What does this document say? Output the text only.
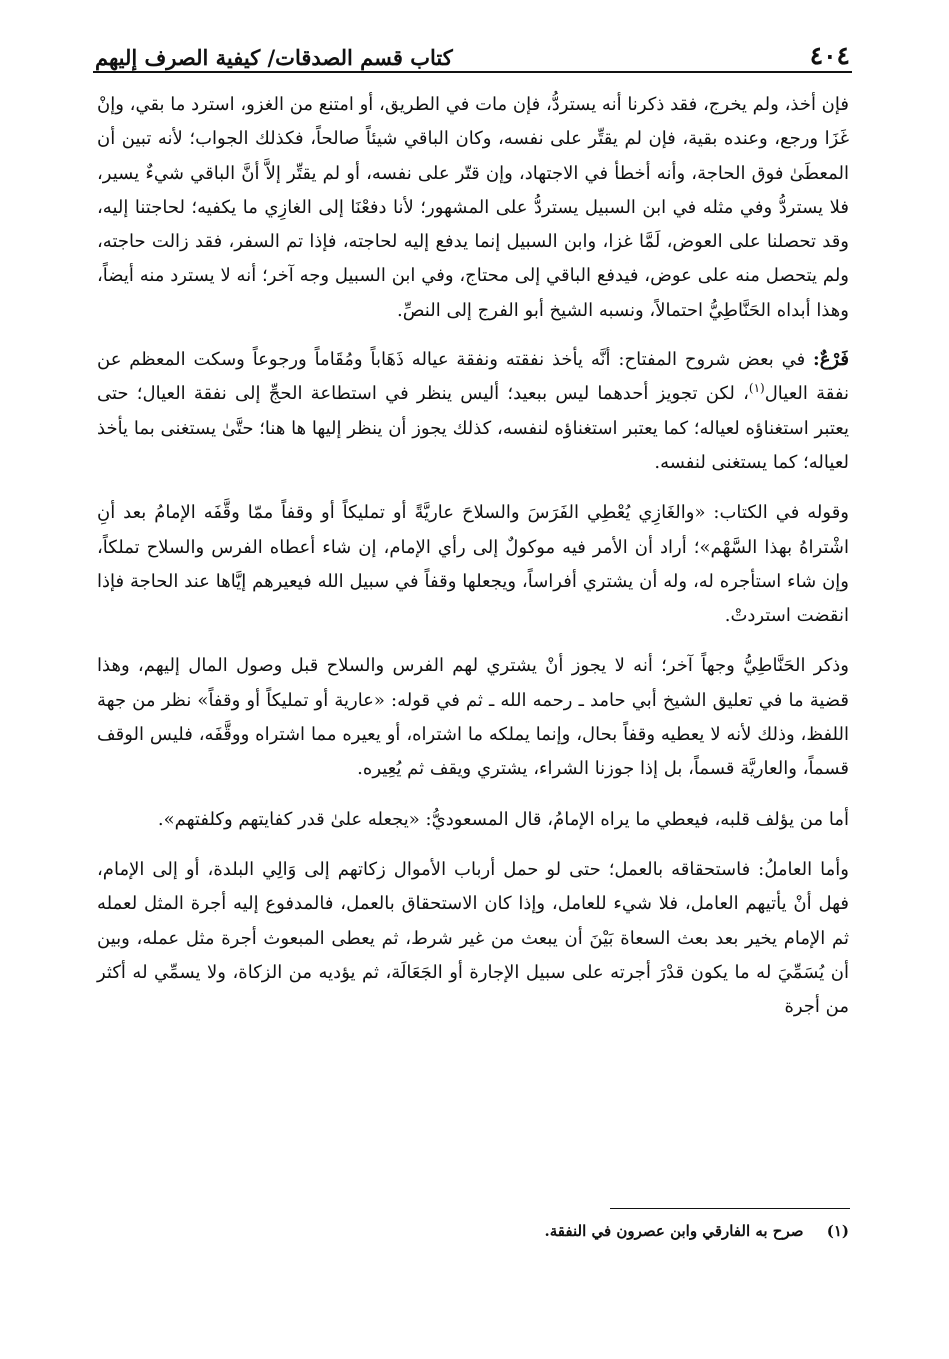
٤٠٤
كتاب قسم الصدقات/ كيفية الصرف إليهم

فإن أخذ، ولم يخرج، فقد ذكرنا أنه يستردُّ، فإن مات في الطريق، أو امتنع من الغزو، استرد ما بقي، وإنْ غَزَا ورجع، وعنده بقية، فإن لم يقتِّر على نفسه، وكان الباقي شيئاً صالحاً، فكذلك الجواب؛ لأنه تبين أن المعطَىٰ فوق الحاجة، وأنه أخطأ في الاجتهاد، وإن قتّر على نفسه، أو لم يقتِّر إلاَّ أنَّ الباقي شيءٌ يسير، فلا يستردُّ وفي مثله في ابن السبيل يستردُّ على المشهور؛ لأنا دفعْنَا إلى الغازِي ما يكفيه؛ لحاجتنا إليه، وقد تحصلنا على العوض، لَمَّا غزا، وابن السبيل إنما يدفع إليه لحاجته، فإذا تم السفر، فقد زالت حاجته، ولم يتحصل منه على عوض، فيدفع الباقي إلى محتاج، وفي ابن السبيل وجه آخر؛ أنه لا يسترد منه أيضاً، وهذا أبداه الحَنَّاطِيُّ احتمالاً، ونسبه الشيخ أبو الفرج إلى النصِّ.

فَرْعٌ: في بعض شروح المفتاح: أنَّه يأخذ نفقته ونفقة عياله ذَهَاباً ومُقَاماً ورجوعاً وسكت المعظم عن نفقة العيال$^{(١)}$، لكن تجويز أحدهما ليس ببعيد؛ أليس ينظر في استطاعة الحجِّ إلى نفقة العيال؛ حتى يعتبر استغناؤه لعياله؛ كما يعتبر استغناؤه لنفسه، كذلك يجوز أن ينظر إليها ها هنا؛ حتَّىٰ يستغنى بما يأخذ لعياله؛ كما يستغنى لنفسه.

وقوله في الكتاب: «والغَازِي يُعْطِي الفَرَسَ والسلاحَ عاريَّةً أو تمليكاً أو وقفاً ممّا وقَّفَه الإمامُ بعد أنِ اشْتراهُ بهذا السَّهْم»؛ أراد أن الأمر فيه موكولٌ إلى رأي الإمام، إن شاء أعطاه الفرس والسلاح تملكاً، وإن شاء استأجره له، وله أن يشتري أفراساً، ويجعلها وقفاً في سبيل الله فيعيرهم إيَّاها عند الحاجة فإذا انقضت استردتْ.

وذكر الحَنَّاطِيُّ وجهاً آخر؛ أنه لا يجوز أنْ يشتري لهم الفرس والسلاح قبل وصول المال إليهم، وهذا قضية ما في تعليق الشيخ أبي حامد ـ رحمه الله ـ ثم في قوله: «عارية أو تمليكاً أو وقفاً» نظر من جهة اللفظ، وذلك لأنه لا يعطيه وقفاً بحال، وإنما يملكه ما اشتراه، أو يعيره مما اشتراه ووقَّفَه، فليس الوقف قسماً، والعاريَّة قسماً، بل إذا جوزنا الشراء، يشتري ويقف ثم يُعِيره.

أما من يؤلف قلبه، فيعطي ما يراه الإمامُ، قال المسعوديُّ: «يجعله علىٰ قدر كفايتهم وكلفتهم».

وأما العاملُ: فاستحقاقه بالعمل؛ حتى لو حمل أرباب الأموال زكاتهم إلى وَالِي البلدة، أو إلى الإمام، فهل أنْ يأتيهم العامل، فلا شيء للعامل، وإذا كان الاستحقاق بالعمل، فالمدفوع إليه أجرة المثل لعمله ثم الإمام يخير بعد بعث السعاة بَيْنَ أن يبعث من غير شرط، ثم يعطى المبعوث أجرة مثل عمله، وبين أن يُسَمِّيَ له ما يكون قدْرَ أجرته على سبيل الإجارة أو الجَعَالَة، ثم يؤديه من الزكاة، ولا يسمِّي له أكثر من أجرة

(١) صرح به الفارقي وابن عصرون في النفقة.
